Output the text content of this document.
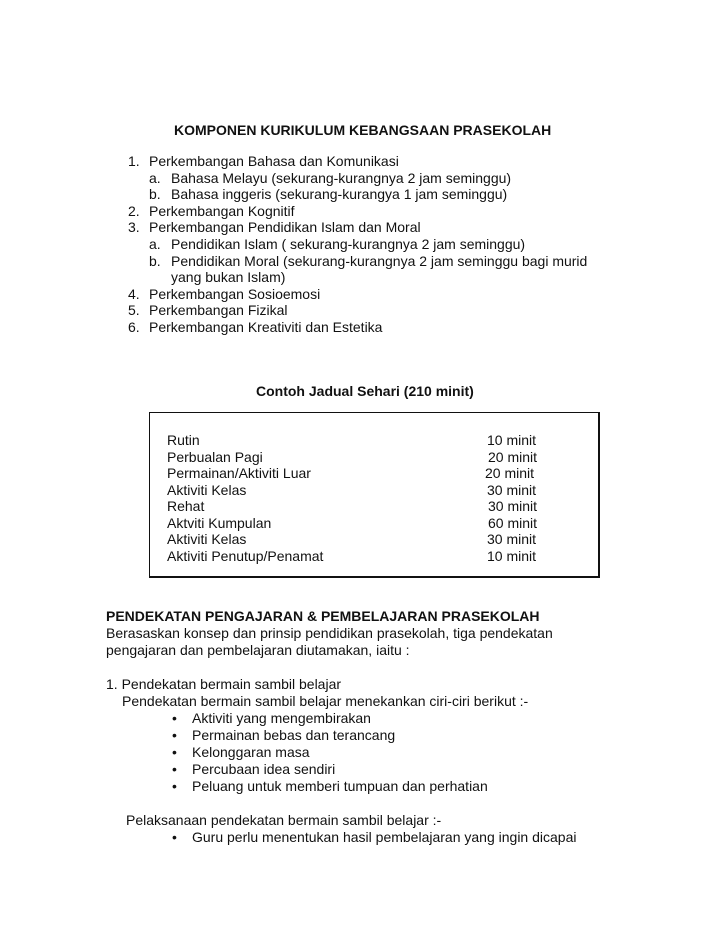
KOMPONEN KURIKULUM KEBANGSAAN PRASEKOLAH
1. Perkembangan Bahasa dan Komunikasi
a. Bahasa Melayu (sekurang-kurangnya 2 jam seminggu)
b. Bahasa inggeris (sekurang-kurangya 1 jam seminggu)
2. Perkembangan Kognitif
3. Perkembangan Pendidikan Islam dan Moral
a. Pendidikan Islam ( sekurang-kurangnya 2 jam seminggu)
b. Pendidikan Moral (sekurang-kurangnya 2 jam seminggu bagi murid
yang bukan Islam)
4. Perkembangan Sosioemosi
5. Perkembangan Fizikal
6. Perkembangan Kreativiti dan Estetika
Contoh Jadual Sehari (210 minit)
Rutin	10 minit
Perbualan Pagi	20 minit
Permainan/Aktiviti Luar	20 minit
Aktiviti Kelas	30 minit
Rehat	30 minit
Aktviti Kumpulan	60 minit
Aktiviti Kelas	30 minit
Aktiviti Penutup/Penamat	10 minit
PENDEKATAN PENGAJARAN & PEMBELAJARAN PRASEKOLAH
Berasaskan konsep dan prinsip pendidikan prasekolah, tiga pendekatan
pengajaran dan pembelajaran diutamakan, iaitu :
1. Pendekatan bermain sambil belajar
Pendekatan bermain sambil belajar menekankan ciri-ciri berikut :-
• Aktiviti yang mengembirakan
• Permainan bebas dan terancang
• Kelonggaran masa
• Percubaan idea sendiri
• Peluang untuk memberi tumpuan dan perhatian
Pelaksanaan pendekatan bermain sambil belajar :-
• Guru perlu menentukan hasil pembelajaran yang ingin dicapai
